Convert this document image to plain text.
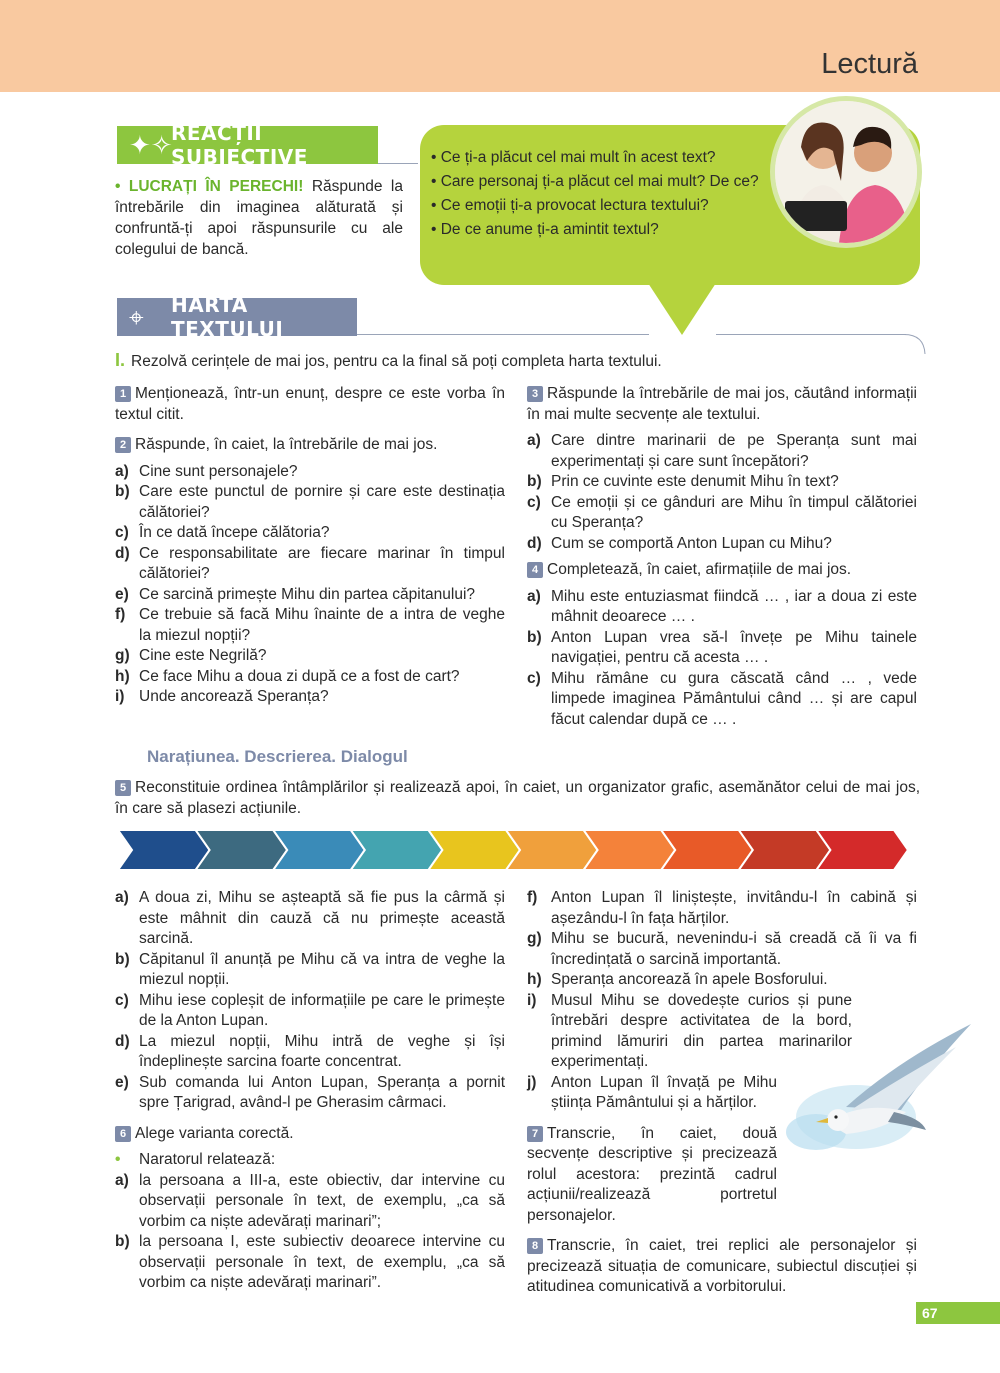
Lectură
✦✧
REACȚII SUBIECTIVE
• LUCRAȚI ÎN PERECHI! Răspunde la întrebările din imaginea alăturată și confruntă-ți apoi răspunsurile cu ale colegului de bancă.
• Ce ți-a plăcut cel mai mult în acest text?
• Care personaj ți-a plăcut cel mai mult? De ce?
• Ce emoții ți-a provocat lectura textului?
• De ce anume ți-a amintit textul?
⌖ HARTA TEXTULUI
I. Rezolvă cerințele de mai jos, pentru ca la final să poți completa harta textului.
1 Menționează, într-un enunț, despre ce este vorba în textul citit.
2 Răspunde, în caiet, la întrebările de mai jos.
a) Cine sunt personajele?
b) Care este punctul de pornire și care este destinația călătoriei?
c) În ce dată începe călătoria?
d) Ce responsabilitate are fiecare marinar în timpul călătoriei?
e) Ce sarcină primește Mihu din partea căpitanului?
f) Ce trebuie să facă Mihu înainte de a intra de veghe la miezul nopții?
g) Cine este Negrilă?
h) Ce face Mihu a doua zi după ce a fost de cart?
i) Unde ancorează Speranța?
3 Răspunde la întrebările de mai jos, căutând informații în mai multe secvențe ale textului.
a) Care dintre marinarii de pe Speranța sunt mai experimentați și care sunt începători?
b) Prin ce cuvinte este denumit Mihu în text?
c) Ce emoții și ce gânduri are Mihu în timpul călătoriei cu Speranța?
d) Cum se comportă Anton Lupan cu Mihu?
4 Completează, în caiet, afirmațiile de mai jos.
a) Mihu este entuziasmat fiindcă … , iar a doua zi este mâhnit deoarece … .
b) Anton Lupan vrea să-l învețe pe Mihu tainele navigației, pentru că acesta … .
c) Mihu rămâne cu gura căscată când … , vede limpede imaginea Pământului când … și are capul făcut calendar după ce … .
Narațiunea. Descrierea. Dialogul
5 Reconstituie ordinea întâmplărilor și realizează apoi, în caiet, un organizator grafic, asemănător celui de mai jos, în care să plasezi acțiunile.
a) A doua zi, Mihu se așteaptă să fie pus la cârmă și este mâhnit din cauză că nu primește această sarcină.
b) Căpitanul îl anunță pe Mihu că va intra de veghe la miezul nopții.
c) Mihu iese copleșit de informațiile pe care le primește de la Anton Lupan.
d) La miezul nopții, Mihu intră de veghe și își îndeplinește sarcina foarte concentrat.
e) Sub comanda lui Anton Lupan, Speranța a pornit spre Țarigrad, având-l pe Gherasim cârmaci.
6 Alege varianta corectă.
•	Naratorul relatează:
a) la persoana a III-a, este obiectiv, dar intervine cu observații personale în text, de exemplu, „ca să vorbim ca niște adevărați marinari”;
b) la persoana I, este subiectiv deoarece intervine cu observații personale în text, de exemplu, „ca să vorbim ca niște adevărați marinari”.
f) Anton Lupan îl liniștește, invitându-l în cabină și așezându-l în fața hărților.
g) Mihu se bucură, nevenindu-i să creadă că îi va fi încredințată o sarcină importantă.
h) Speranța ancorează în apele Bosforului.
i) Musul Mihu se dovedește curios și pune întrebări despre activitatea de la bord, primind lămuriri din partea marinarilor experimentați.
j) Anton Lupan îl învață pe Mihu știința Pământului și a hărților.
7 Transcrie, în caiet, două secvențe descriptive și precizează rolul acestora: prezintă cadrul acțiunii/realizează portretul personajelor.
8 Transcrie, în caiet, trei replici ale personajelor și precizează situația de comunicare, subiectul discuției și atitudinea comunicativă a vorbitorului.
67
